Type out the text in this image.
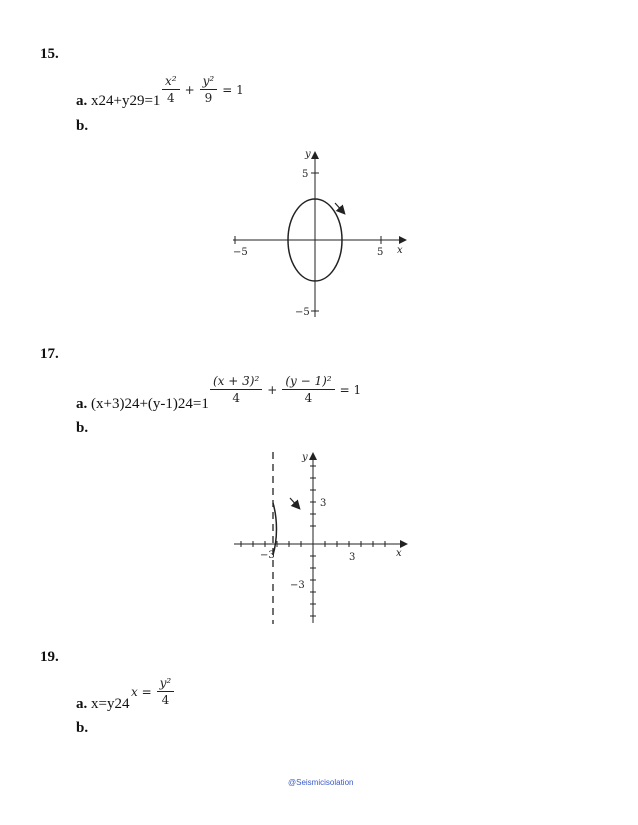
15.
$\frac{\text{x²}}{4} + \frac{\text{y²}}{9} = 1$
a. x24+y29=1
b.
y
5
−5
−5	5 x
17.
$\frac{\text{(x + 3)²}}{4} + \frac{\text{(y − 1)²}}{4} = 1$
a. (x+3)24+(y-1)24=1
b.
y
3
−3
−3	3	x
19.
$x = \frac{\text{y²}}{4}$
a. x=y24
b.
@Seismicisolation
